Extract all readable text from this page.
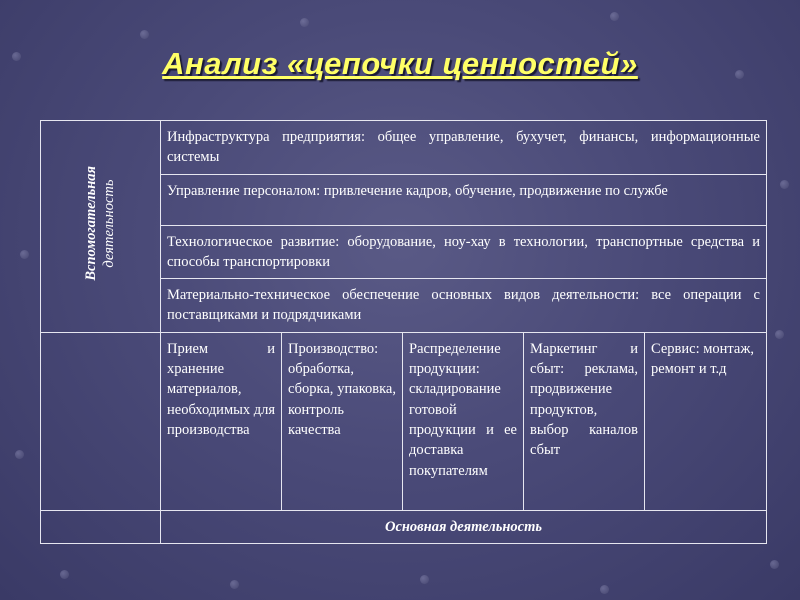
Анализ «цепочки ценностей»
Вспомогательная деятельность	Инфраструктура предприятия: общее управление, бухучет, финансы, информационные системы				
	Управление персоналом: привлечение кадров, обучение, продвижение по службе				
	Технологическое развитие: оборудование, ноу-хау в технологии, транспортные средства и способы транспортировки				
	Материально-техническое обеспечение основных видов деятельности: все операции с поставщиками и подрядчиками				
	Прием и хранение материалов, необходимых для производства	Производство: обработка, сборка, упаковка, контроль качества	Распределение продукции: складирование готовой продукции и ее доставка покупателям	Маркетинг и сбыт: реклама, продвижение продуктов, выбор каналов сбыт	Сервис: монтаж, ремонт и т.д
	Основная деятельность				
